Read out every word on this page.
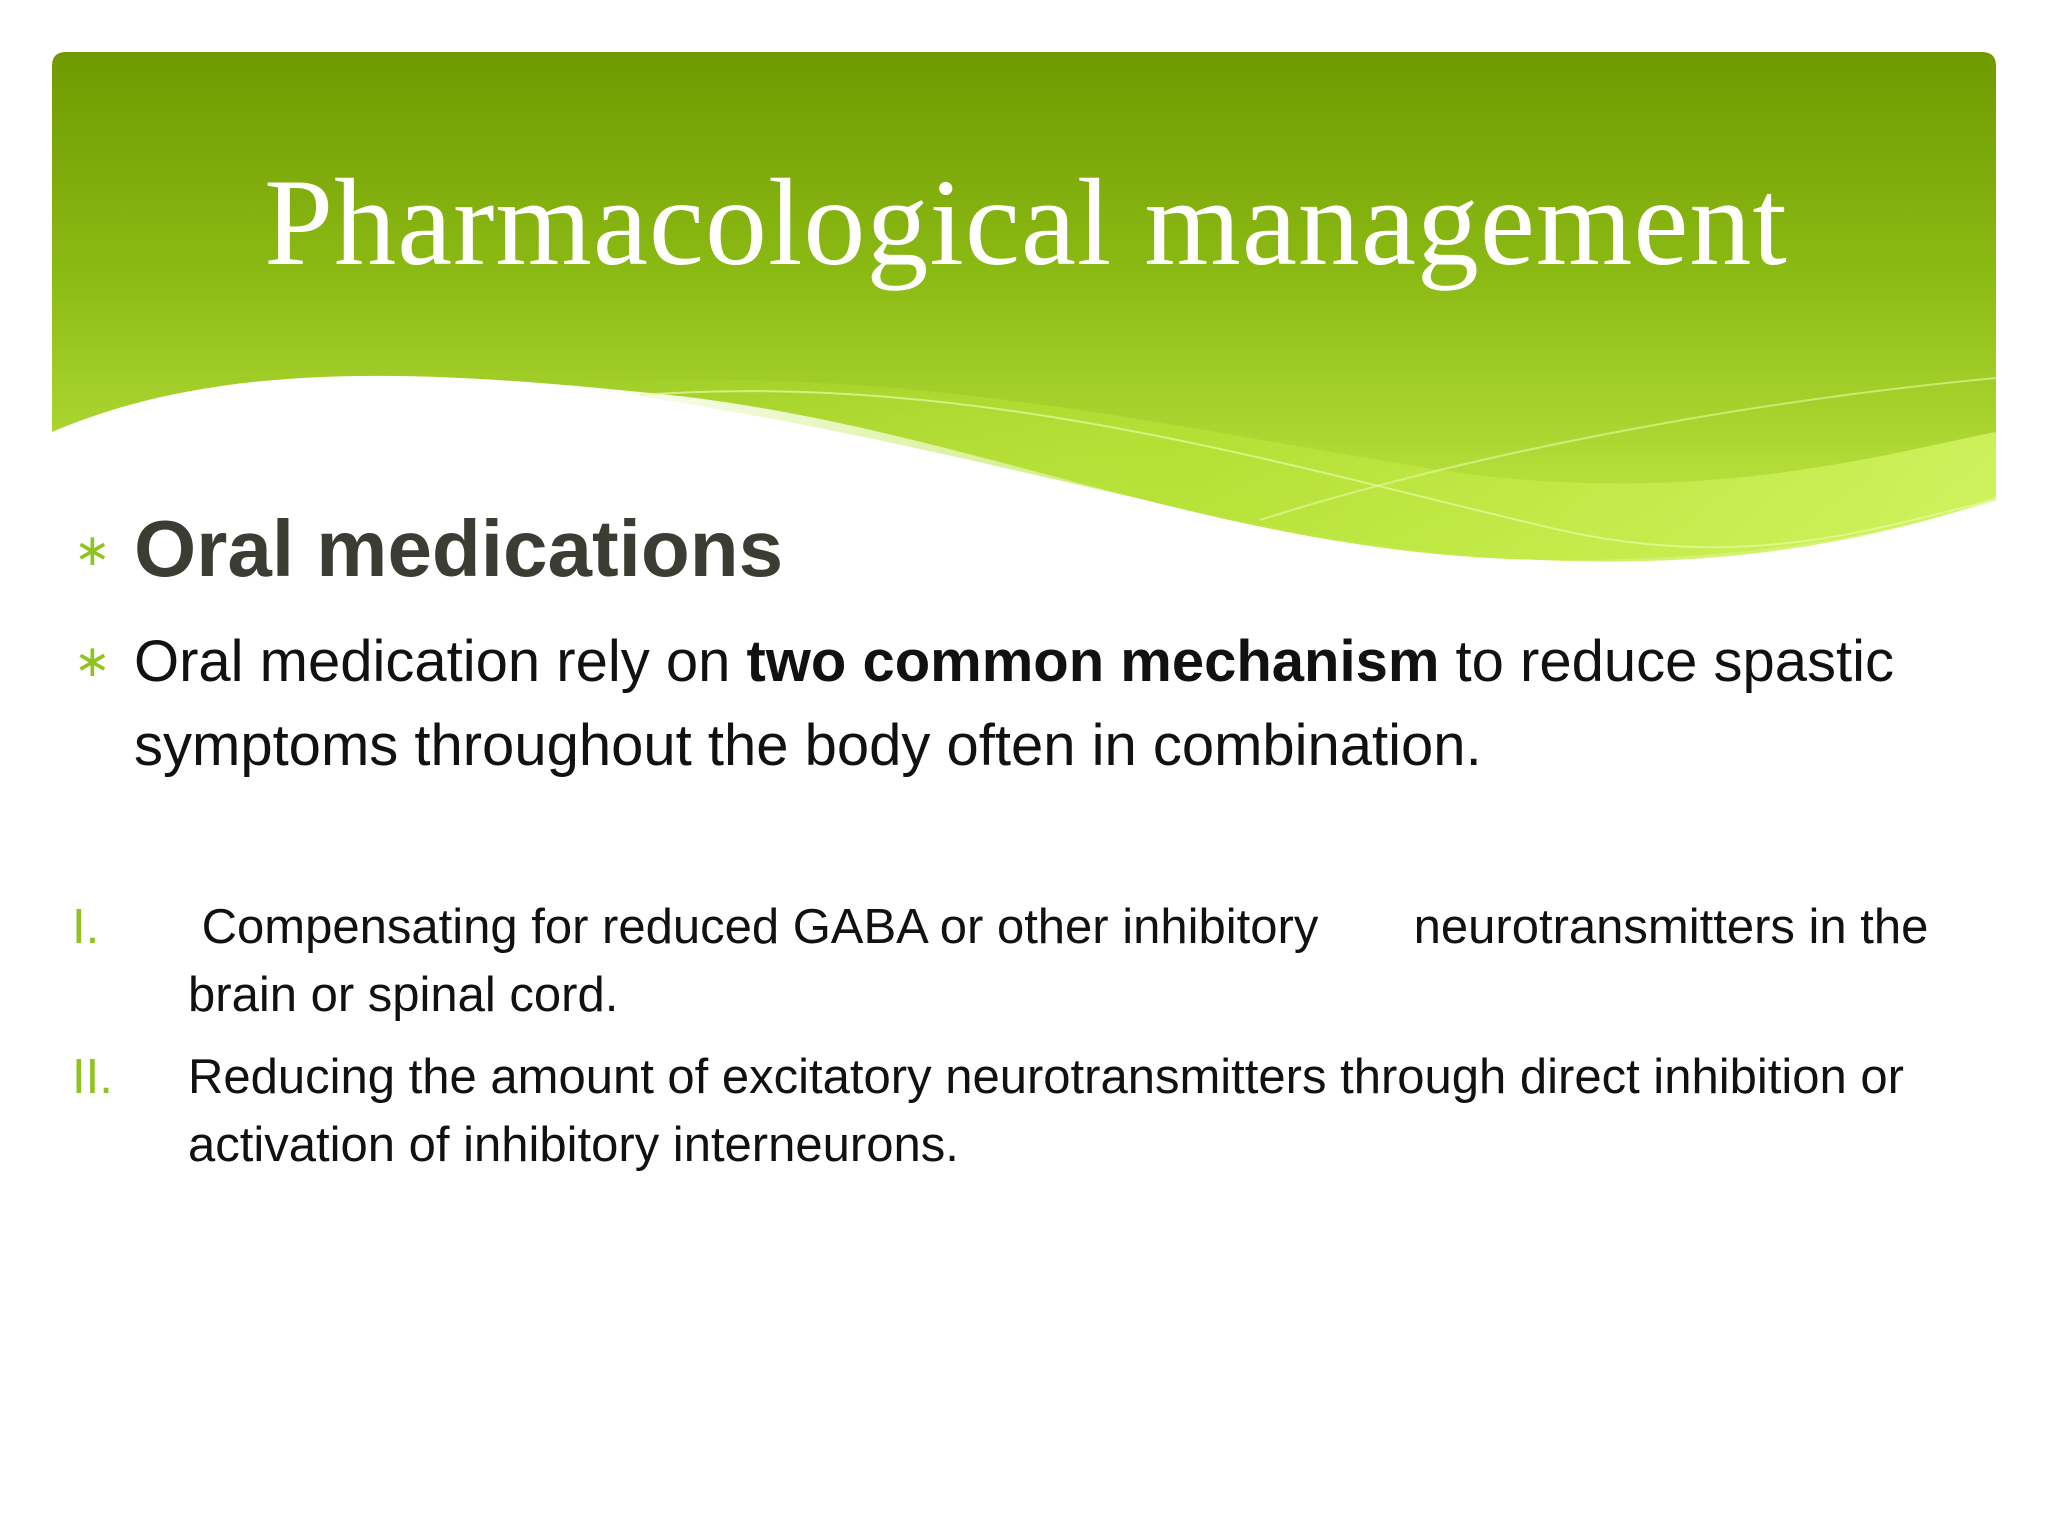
Pharmacological management
∗ Oral medications

∗ Oral medication rely on two common mechanism to reduce spastic symptoms throughout the body often in combination.

I.	Compensating for reduced GABA or other inhibitory       neurotransmitters in the brain or spinal cord.
II.	Reducing the amount of excitatory neurotransmitters through direct inhibition or activation of inhibitory interneurons.
